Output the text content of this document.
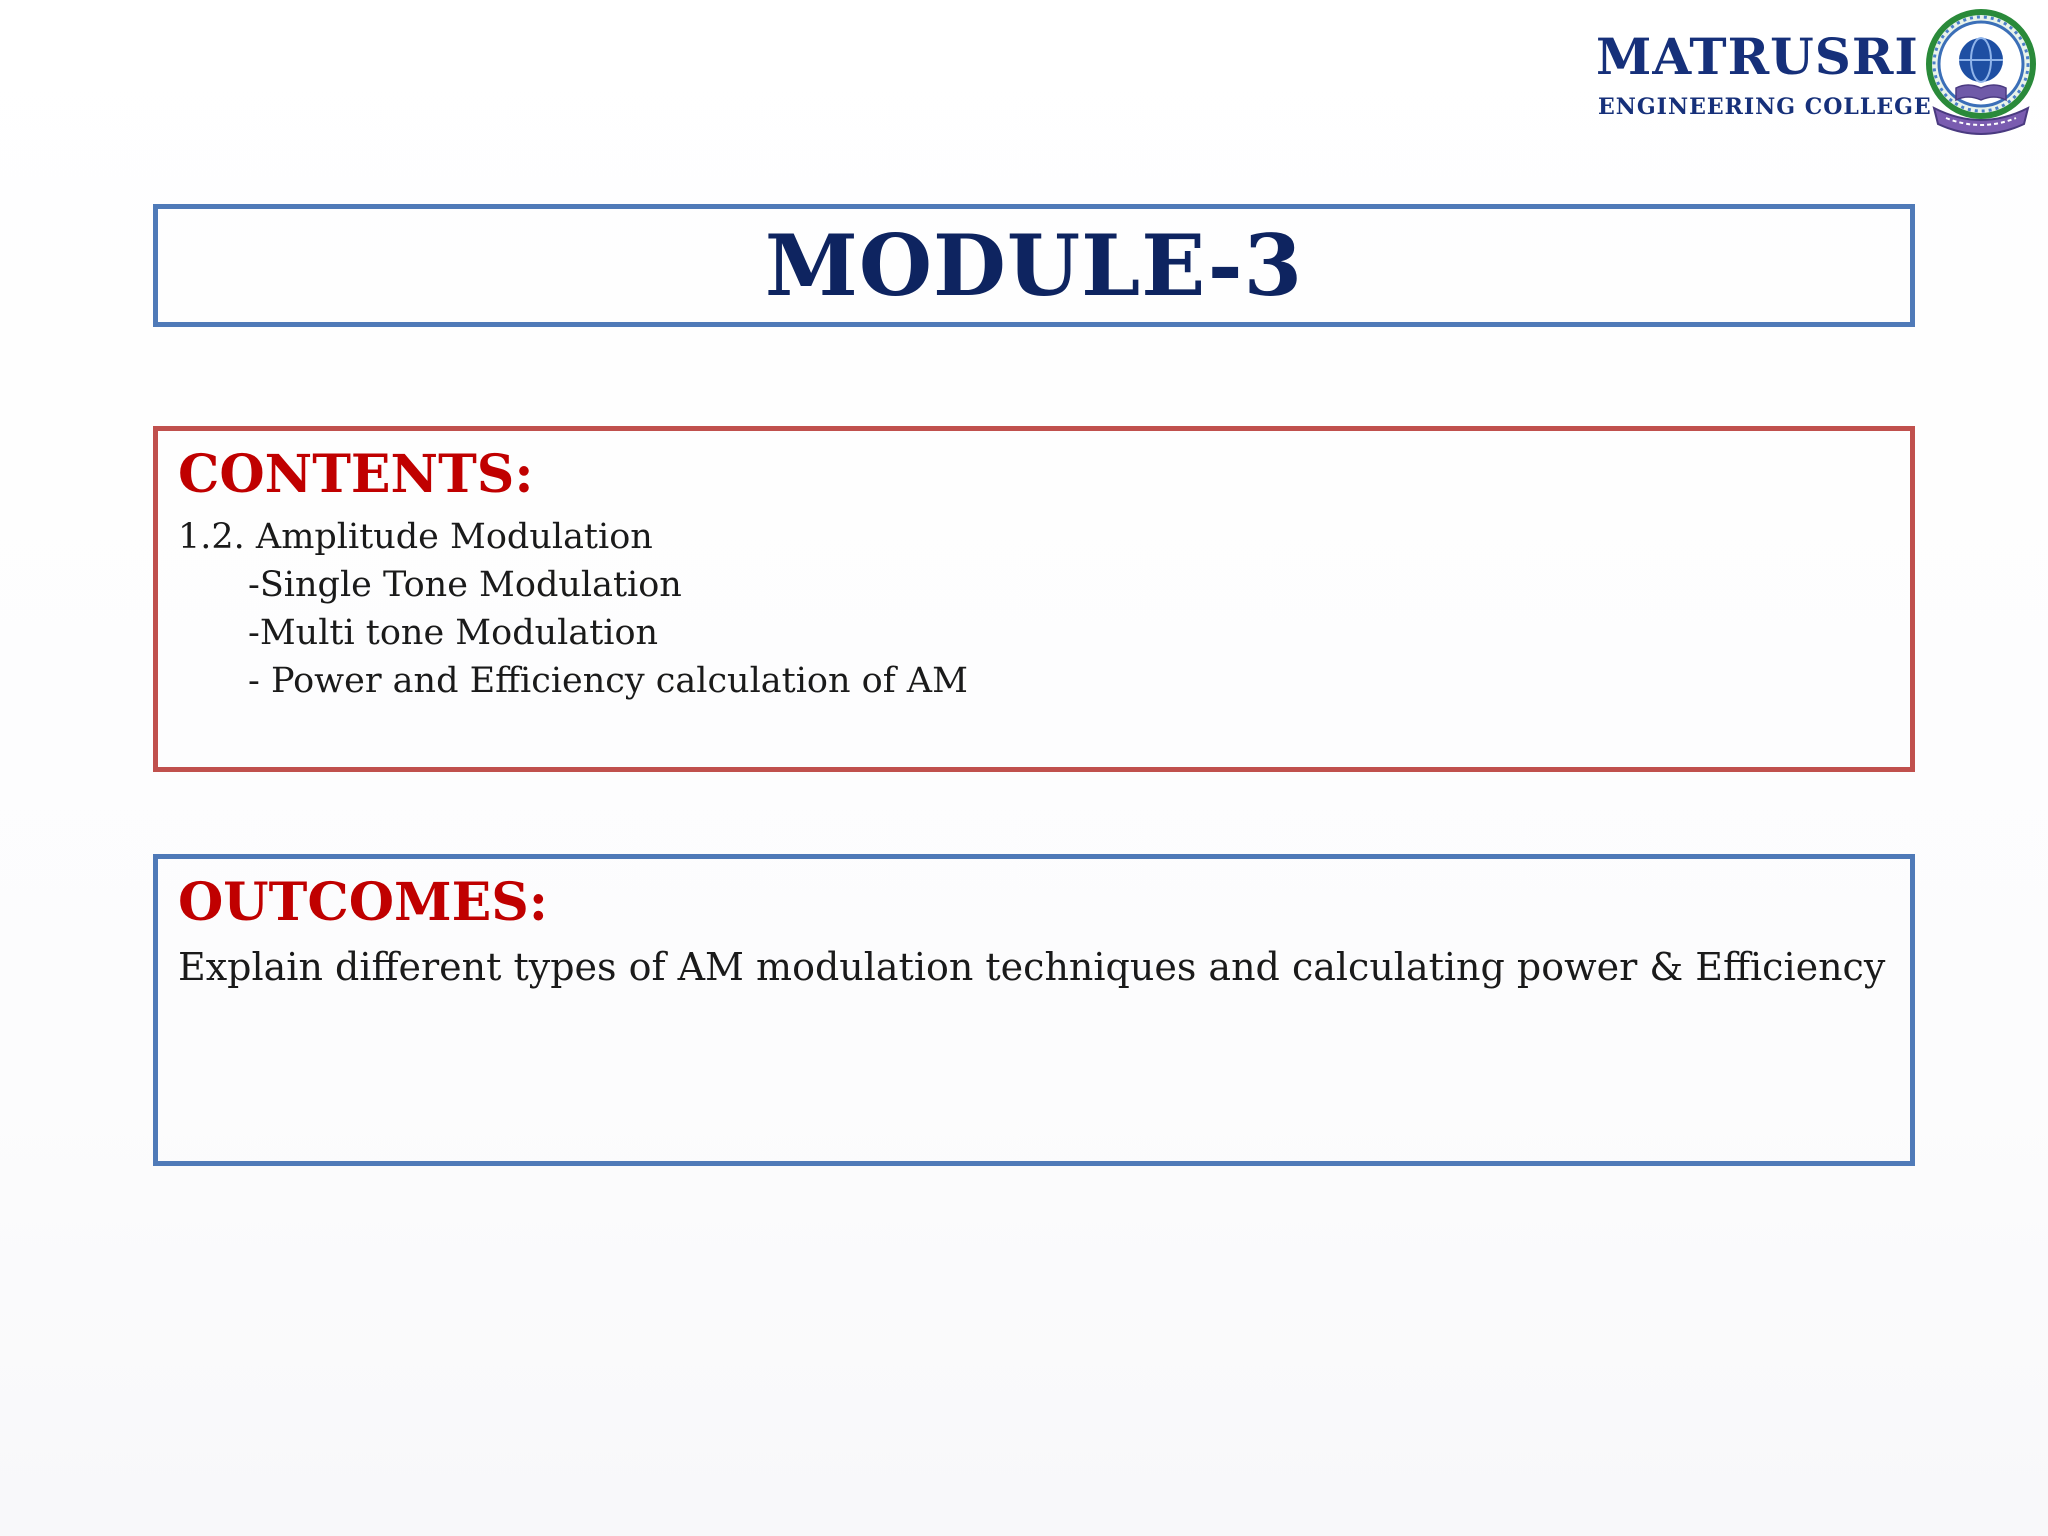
MATRUSRI
ENGINEERING COLLEGE
MODULE-3
CONTENTS:
1.2. Amplitude Modulation
-Single Tone Modulation
-Multi tone Modulation
- Power and Efficiency calculation of AM
OUTCOMES:
Explain different types of AM modulation techniques and calculating power & Efficiency
